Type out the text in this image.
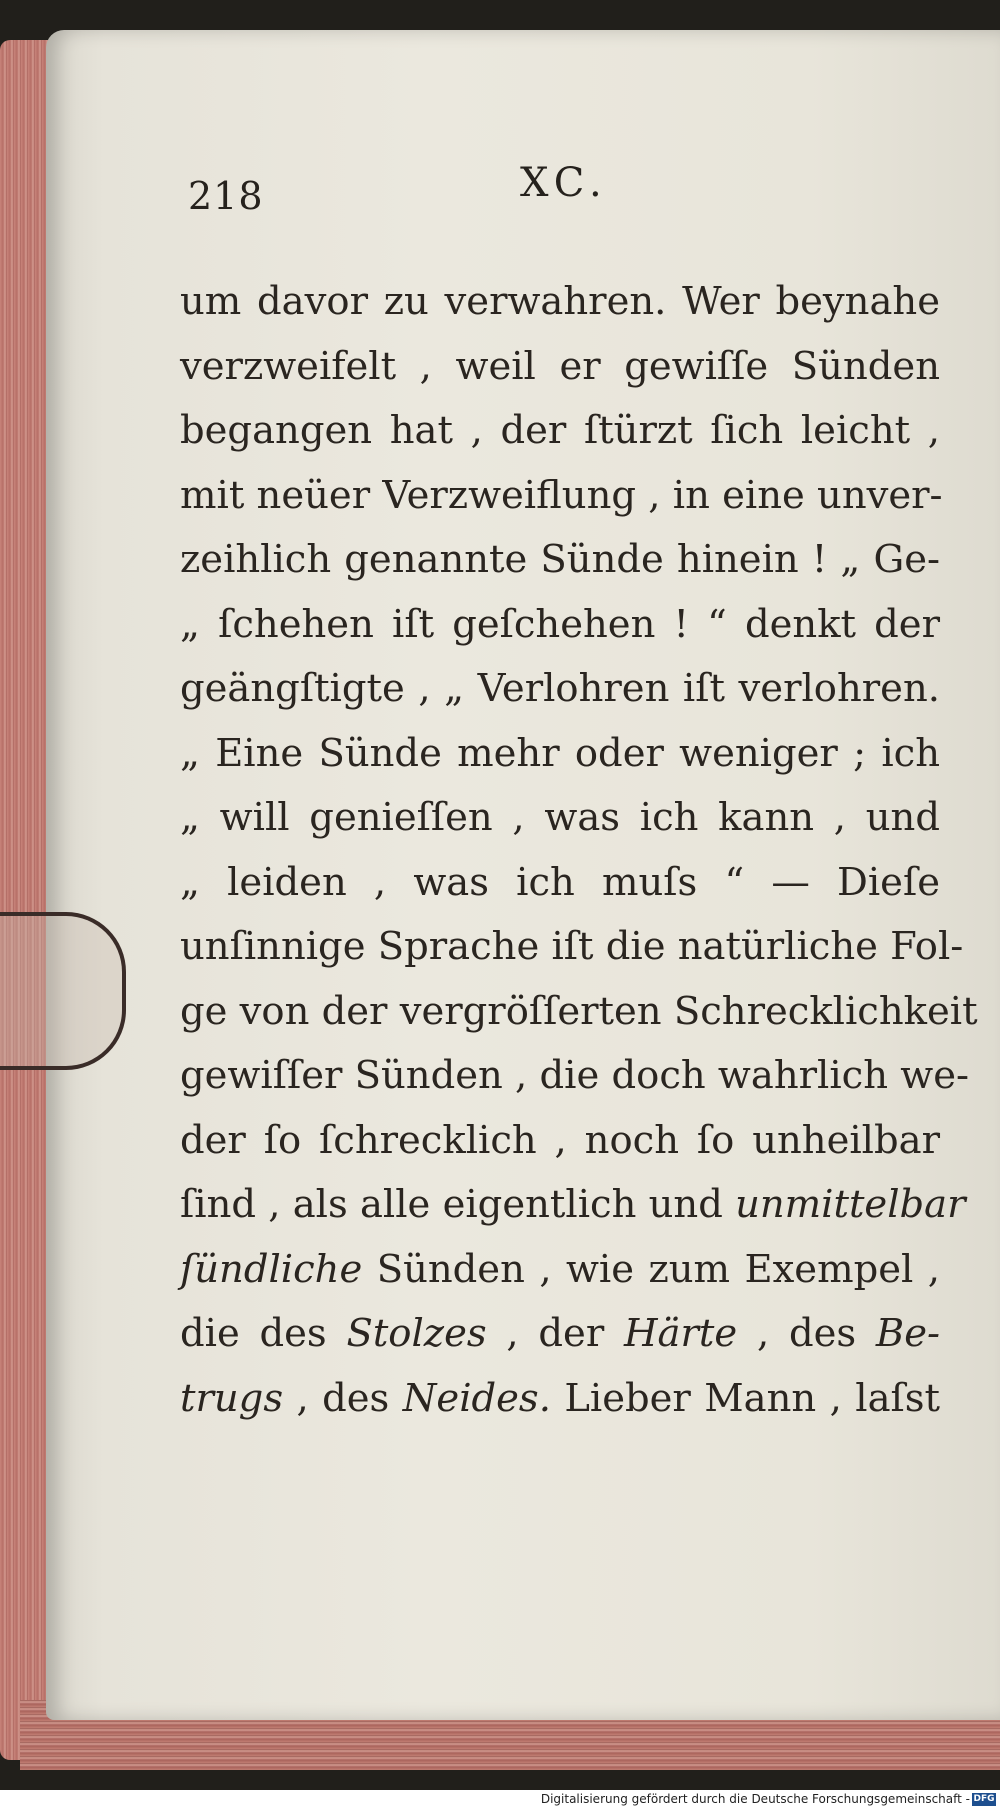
218	XC.
um davor zu verwahren. Wer beynahe
verzweifelt , weil er gewiſſe Sünden
begangen hat , der ſtürzt ſich leicht ,
mit neüer Verzweiflung , in eine unver-
zeihlich genannte Sünde hinein ! „ Ge-
„ ſchehen iſt geſchehen ! “ denkt der
geängſtigte , „ Verlohren iſt verlohren.
„ Eine Sünde mehr oder weniger ; ich
„ will genieſſen , was ich kann , und
„ leiden , was ich muſs “ — Dieſe
unſinnige Sprache iſt die natürliche Fol-
ge von der vergröſſerten Schrecklichkeit
gewiſſer Sünden , die doch wahrlich we-
der ſo ſchrecklich , noch ſo unheilbar
ſind , als alle eigentlich und unmittelbar
ſündliche Sünden , wie zum Exempel ,
die des Stolzes , der Härte , des Be-
trugs , des Neides. Lieber Mann , laſst
Digitalisierung gefördert durch die Deutsche Forschungsgemeinschaft - DFG
